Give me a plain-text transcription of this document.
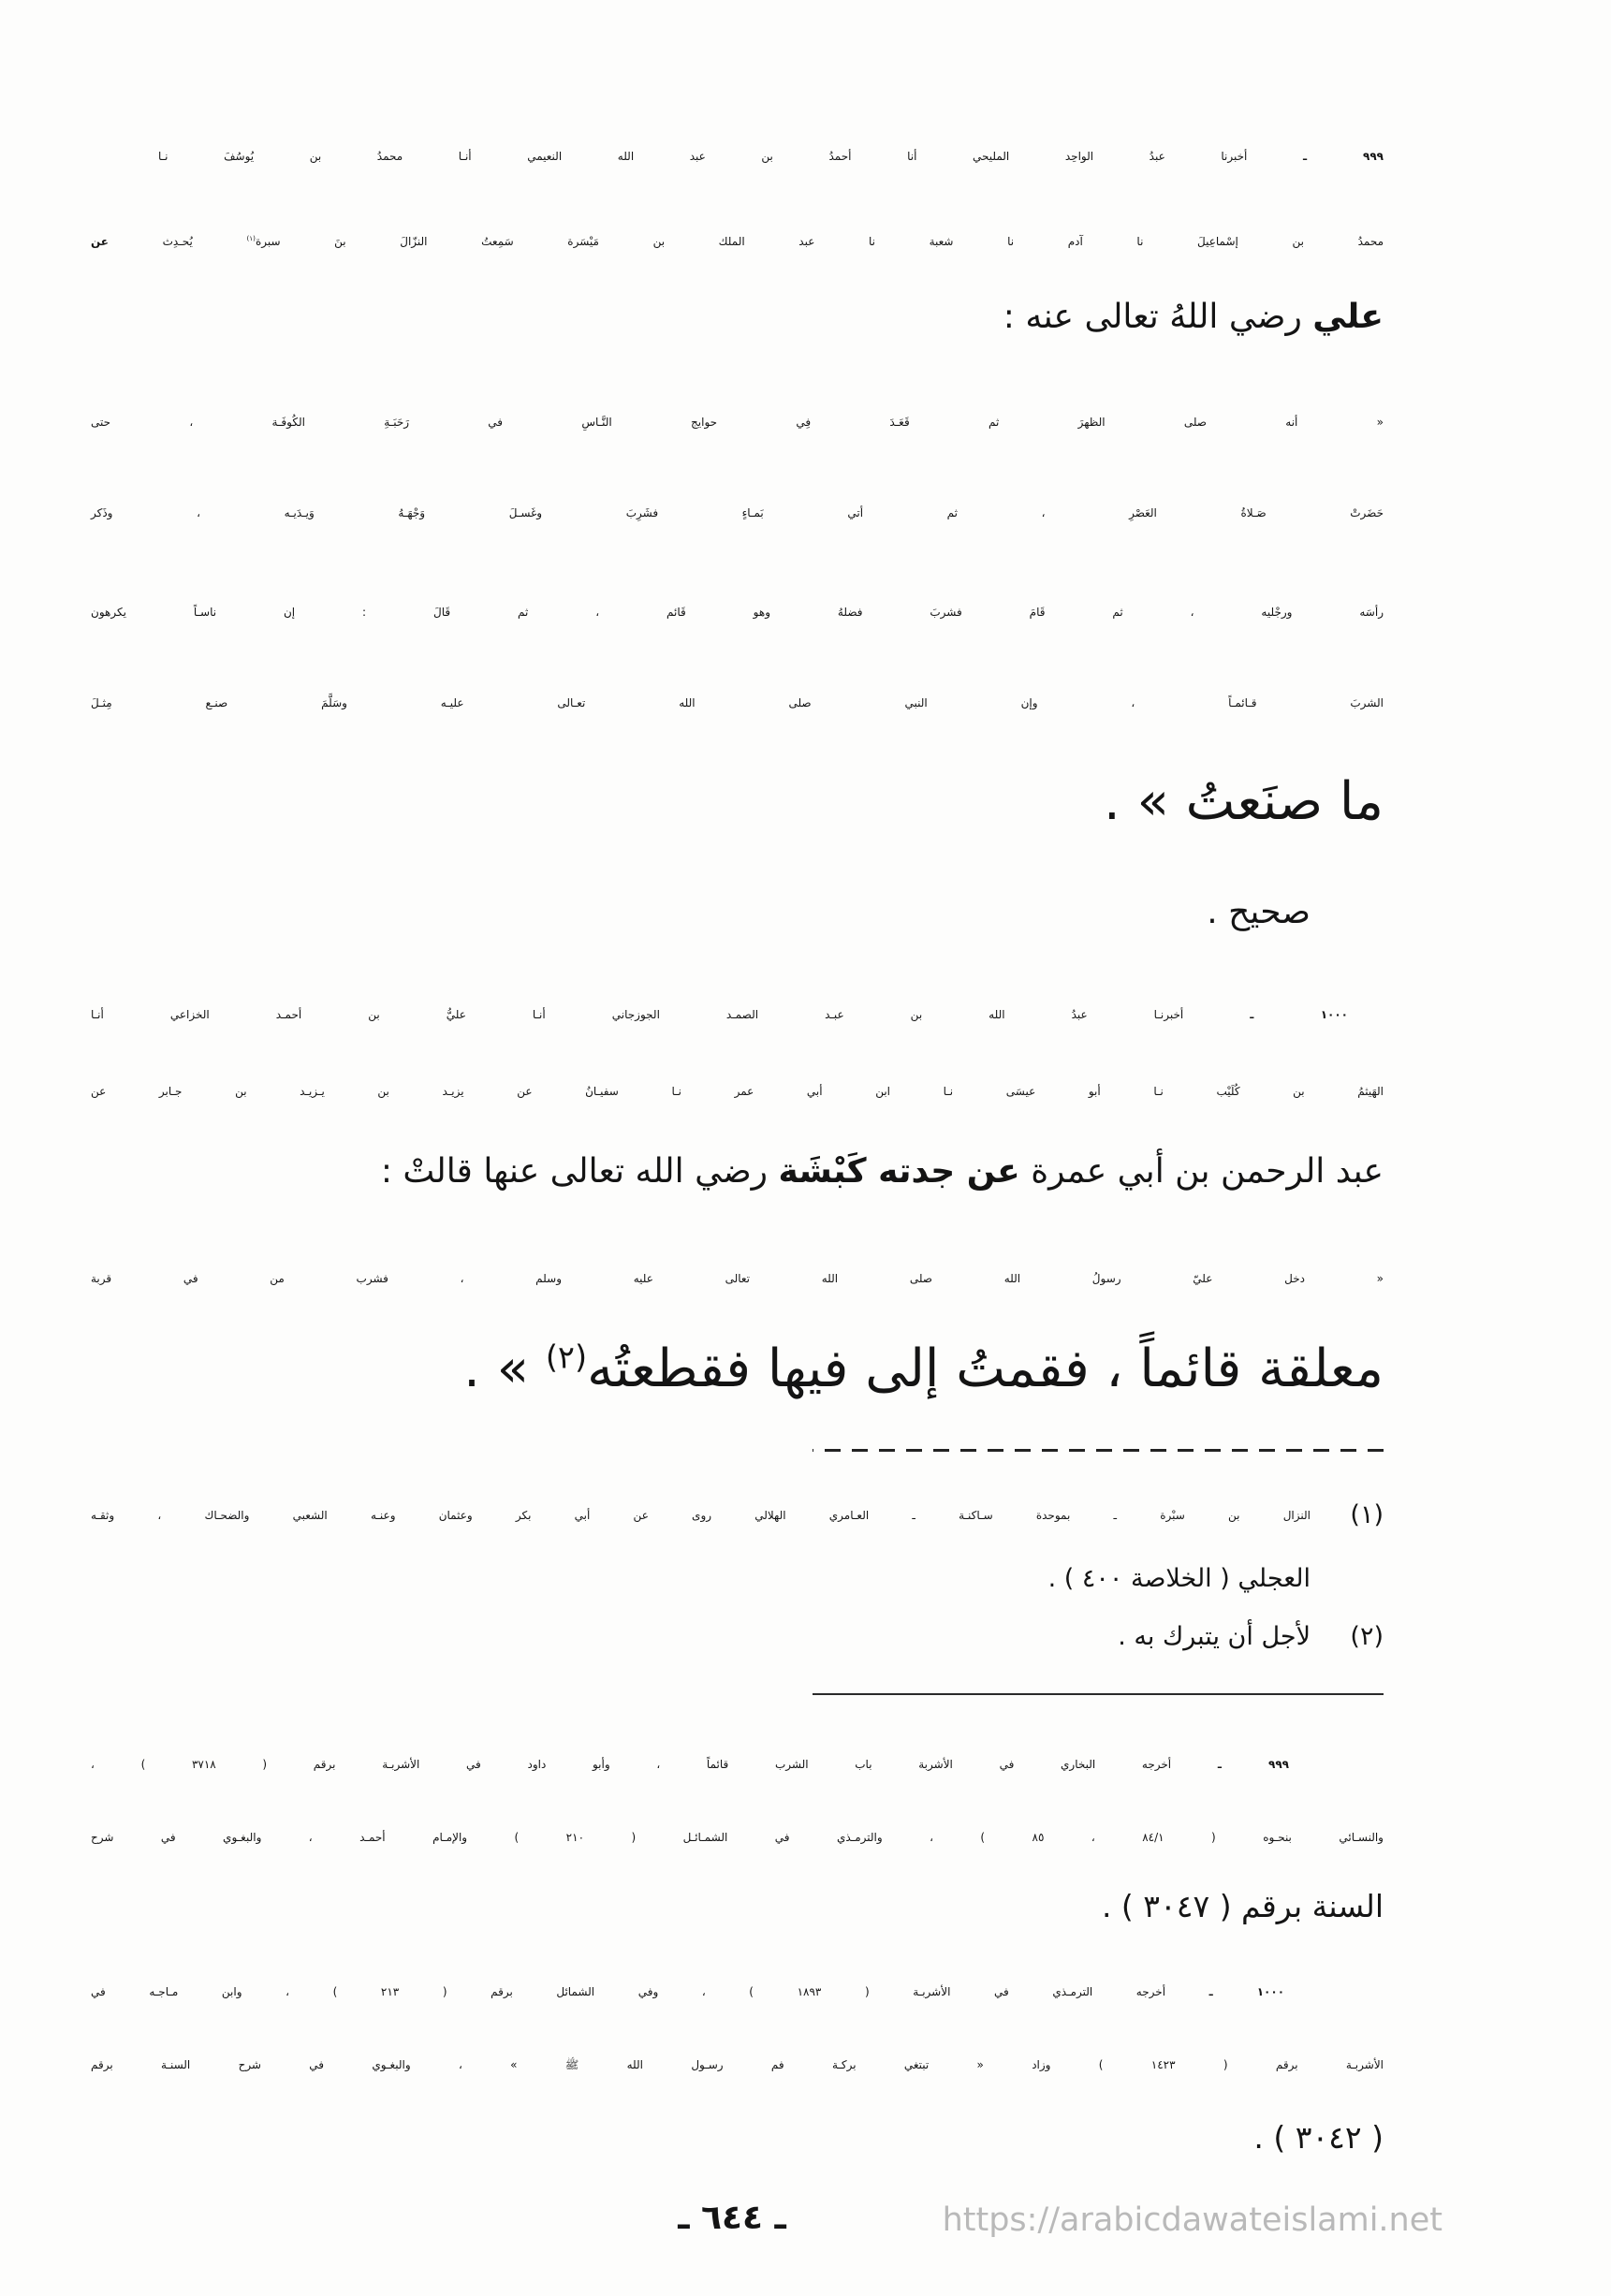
٩٩٩ ـ أخبرنا عبدُ الواحِد المليحي أنا أحمدُ بن عبد الله النعيمي أنـا محمدُ بن يُوسُفَ نـا
محمدُ بن إسْماعِيلَ نا آدم نا شعبة نا عبد الملك بن مَيْسَرة سَمِعتُ النزّالَ بنَ سبرة$^{(١)}$ يُحـدِث عن
علي رضي اللهُ تعالى عنه :
« أنه صلى الظهرَ ثم قَعَـدَ فِي حوايج النَّـاسِ في رَحَبَـةِ الكُوفَـة ، حتى
حَضَرتْ صَـلاةُ العَصْرِ ، ثم أتي بَمـاءٍ فشَرِبَ وغَسـلَ وَجْهَـهُ وَيـدَيـه ، وذَكر
رأسَه ورجْليه ، ثم قَامَ فشربَ فضلهُ وهو قَائم ، ثم قَالَ : إن ناسـاً يكرهون
الشربَ قـائمـاً ، وإن النبي صلى الله تعـالى عليـه وسَلَّمَ صنـع مِثـلَ
ما صنَعتُ » .
صحيح .
١٠٠٠ ـ أخبرنـا عبدُ الله بن عبـد الصمـد الجوزجاني أنـا عليُّ بن أحمـد الخزاعي أنـا
الهَيثمُ بن كُلَيْب نـا أبو عيسَى نـا ابن أبي عمر نـا سفيـانُ عن يزيـد بن يـزيـد بن جـابر عن
عبد الرحمن بن أبي عمرة عن جدته كَبْشَة رضي الله تعالى عنها قالتْ :
« دخل عليّ رسولُ الله صلى الله تعالى عليه وسلم ، فشرب من في قربة
معلقة قائماً ، فقمتُ إلى فيها فقطعتُه$^{(٢)}$ » .
(١)
النزال بن سبْرة ـ بموحدة سـاكنـة ـ العـامري الهلالي روى عن أبي بكر وعثمان وعنـه الشعبي والضحـاك ، وثقـه
العجلي ( الخلاصة ٤٠٠ ) .
(٢)
لأجل أن يتبرك به .
٩٩٩ ـ أخرجه البخاري في الأشربة باب الشرب قائماً ، وأبو داود في الأشربـة برقم ( ٣٧١٨ ) ،
والنسـائي بنحـوه ( ٨٤/١ ، ٨٥ ) ، والترمـذي في الشمـائـل ( ٢١٠ ) والإمـام أحمـد ، والبغـوي في شرح
السنة برقم ( ٣٠٤٧ ) .
١٠٠٠ ـ أخرجه الترمـذي في الأشربـة ( ١٨٩٣ ) ، وفي الشمائل برقم ( ٢١٣ ) ، وابن مـاجـه في
الأشربـة برقم ( ١٤٢٣ ) وزاد « تبتغي بركـة فم رسـول الله ﷺ » ، والبغـوي في شرح السنـة برقم
( ٣٠٤٢ ) .
ـ ٦٤٤ ـ	https://arabicdawateislami.net
